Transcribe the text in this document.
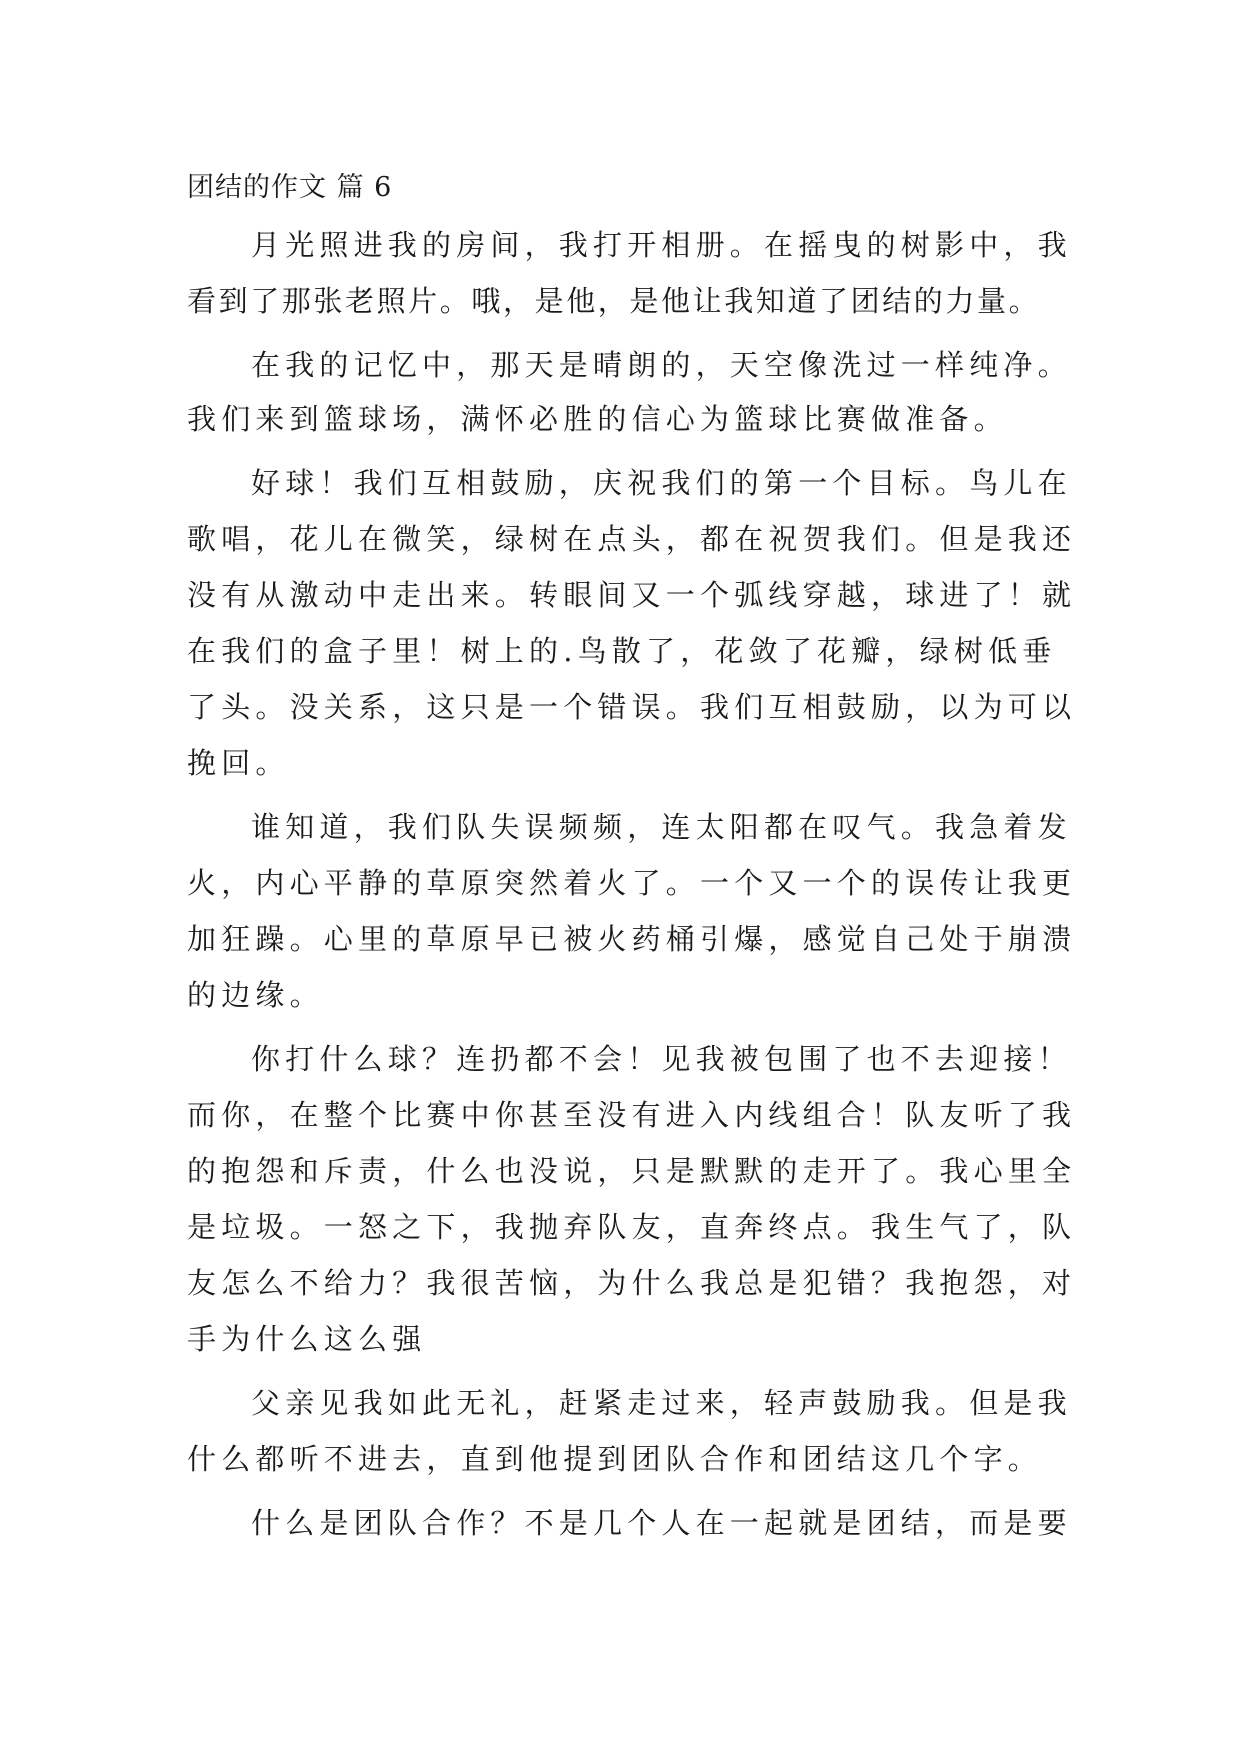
团结的作文 篇 6
月光照进我的房间，我打开相册。在摇曳的树影中，我
看到了那张老照片。哦，是他，是他让我知道了团结的力量。
在我的记忆中，那天是晴朗的，天空像洗过一样纯净。
我们来到篮球场，满怀必胜的信心为篮球比赛做准备。
好球！我们互相鼓励，庆祝我们的第一个目标。鸟儿在
歌唱，花儿在微笑，绿树在点头，都在祝贺我们。但是我还
没有从激动中走出来。转眼间又一个弧线穿越，球进了！就
在我们的盒子里！树上的.鸟散了，花敛了花瓣，绿树低垂
了头。没关系，这只是一个错误。我们互相鼓励，以为可以
挽回。
谁知道，我们队失误频频，连太阳都在叹气。我急着发
火，内心平静的草原突然着火了。一个又一个的误传让我更
加狂躁。心里的草原早已被火药桶引爆，感觉自己处于崩溃
的边缘。
你打什么球？连扔都不会！见我被包围了也不去迎接！
而你，在整个比赛中你甚至没有进入内线组合！队友听了我
的抱怨和斥责，什么也没说，只是默默的走开了。我心里全
是垃圾。一怒之下，我抛弃队友，直奔终点。我生气了，队
友怎么不给力？我很苦恼，为什么我总是犯错？我抱怨，对
手为什么这么强
父亲见我如此无礼，赶紧走过来，轻声鼓励我。但是我
什么都听不进去，直到他提到团队合作和团结这几个字。
什么是团队合作？不是几个人在一起就是团结，而是要
